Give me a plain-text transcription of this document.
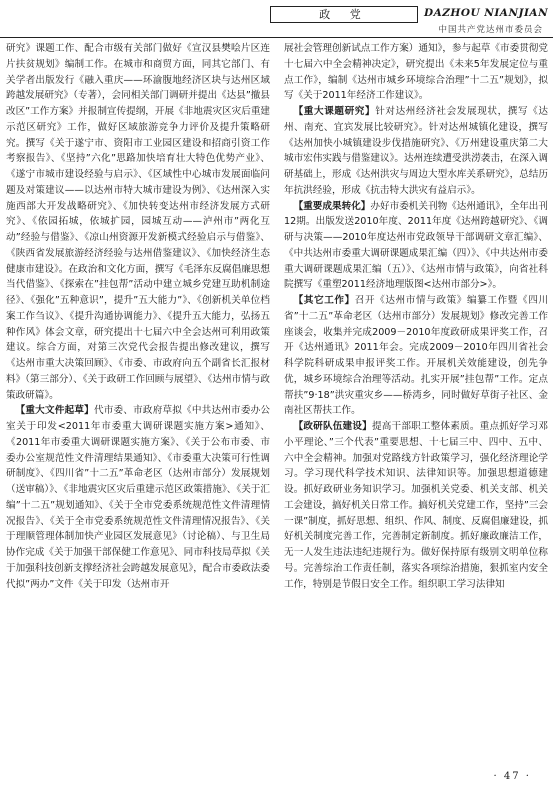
政 党	DAZHOU NIANJIAN
中国共产党达州市委员会

研究》课题工作、配合市级有关部门做好《宣汉县樊哙片区连片扶贫规划》编制工作。在城市和商贸方面，同其它部门、有关学者出版发行《融入重庆——环渝腹地经济区块与达州区域跨越发展研究》（专著），会同相关部门调研并提出《达县”撤县改区”工作方案》并报制宣传提纲，开展《非地震灾区灾后重建示范区研究》工作，做好区域旅游竞争力评价及提升策略研究。撰写《关于遂宁市、资阳市工业园区建设和招商引资工作考察报告》、《坚持”六化”思路加快培育壮大特色优势产业》、《遂宁市城市建设经验与启示》、《区域性中心城市发展面临问题及对策建议——以达州市特大城市建设为例》、《达州深入实施西部大开发战略研究》、《加快转变达州市经济发展方式研究》、《依园拓城，依城扩园，园城互动——泸州市”两化互动”经验与借鉴》、《凉山州资源开发新模式经验启示与借鉴》、《陕西省发展旅游经济经验与达州借鉴建议》、《加快经济生态健康市建设》。在政治和文化方面，撰写《毛泽东反腐倡廉思想当代借鉴》、《探索在”挂包帮”活动中建立城乡党建互助机制途径》、《强化”五种意识”，提升”五大能力”》、《创新机关单位档案工作刍议》、《提升沟通协调能力》、《提升五大能力，弘扬五种作风》体会文章，研究提出十七届六中全会达州可利用政策建议。综合方面，对第三次党代会报告提出修改建议，撰写《达州市重大决策回顾》、《市委、市政府向五个副省长汇报材料》（第三部分）、《关于政研工作回顾与展望》、《达州市情与政策政研篇》。

【重大文件起草】代市委、市政府草拟《中共达州市委办公室关于印发<2011年市委重大调研课题实施方案>通知》、《2011年市委重大调研课题实施方案》、《关于公布市委、市委办公室规范性文件清理结果通知》、《市委重大决策可行性调研制度》、《四川省”十二五”革命老区（达州市部分）发展规划（送审稿）》、《非地震灾区灾后重建示范区政策措施》、《关于汇编”十二五”规划通知》、《关于全市党委系统规范性文件清理情况报告》、《关于全市党委系统规范性文件清理情况报告》、《关于理顺管理体制加快产业园区发展意见》（讨论稿）、与卫生局协作完成《关于加强干部保健工作意见》、同市科技局草拟《关于加强科技创新支撑经济社会跨越发展意见》，配合市委政法委代拟”两办”文件《关于印发（达州市开

展社会管理创新试点工作方案）通知》，参与起草《市委贯彻党十七届六中全会精神决定》，研究提出《未来5年发展定位与重点工作》，编制《达州市城乡环境综合治理”十二五”规划》，拟写《关于2011年经济工作建议》。

【重大课题研究】针对达州经济社会发展现状，撰写《达州、南充、宜宾发展比较研究》。针对达州城镇化建设，撰写《达州加快小城镇建设步伐措施研究》、《万州建设重庆第二大城市宏伟实践与借鉴建议》。达州连续遭受洪涝袭击，在深入调研基础上，形成《达州洪灾与周边大型水库关系研究》，总结历年抗洪经验，形成《抗击特大洪灾有益启示》。

【重要成果转化】办好市委机关刊物《达州通讯》，全年出刊12期。出版发送2010年度、2011年度《达州跨越研究》、《调研与决策——2010年度达州市党政领导干部调研文章汇编》、《中共达州市委重大调研课题成果汇编（四）》、《中共达州市委重大调研课题成果汇编（五）》、《达州市情与政策》，向省社科院撰写《重塑2011经济地理版图<达州市部分>》。

【其它工作】召开《达州市情与政策》编纂工作暨《四川省”十二五”革命老区（达州市部分）发展规划》修改完善工作座谈会，收集并完成2009－2010年度政研成果评奖工作，召开《达州通讯》2011年会。完成2009－2010年四川省社会科学院科研成果申报评奖工作。开展机关效能建设，创先争优，城乡环境综合治理等活动。扎实开展”挂包帮”工作。定点帮扶”9·18”洪灾重灾乡——桥湾乡，同时做好草街子社区、金南社区帮扶工作。

【政研队伍建设】提高干部职工整体素质。重点抓好学习邓小平理论、”三个代表”重要思想、十七届三中、四中、五中、六中全会精神。加强对党路线方针政策学习，强化经济理论学习。学习现代科学技术知识、法律知识等。加强思想道德建设。抓好政研业务知识学习。加强机关党委、机关支部、机关工会建设，搞好机关日常工作。搞好机关党建工作，坚持”三会一课”制度，抓好思想、组织、作风、制度、反腐倡廉建设，抓好机关制度完善工作，完善制定新制度。抓好廉政廉洁工作，无一人发生违法违纪违规行为。做好保持原有级别文明单位称号。完善综治工作责任制，落实各项综治措施，狠抓室内安全工作，特别是节假日安全工作。组织职工学习法律知

· 47 ·
